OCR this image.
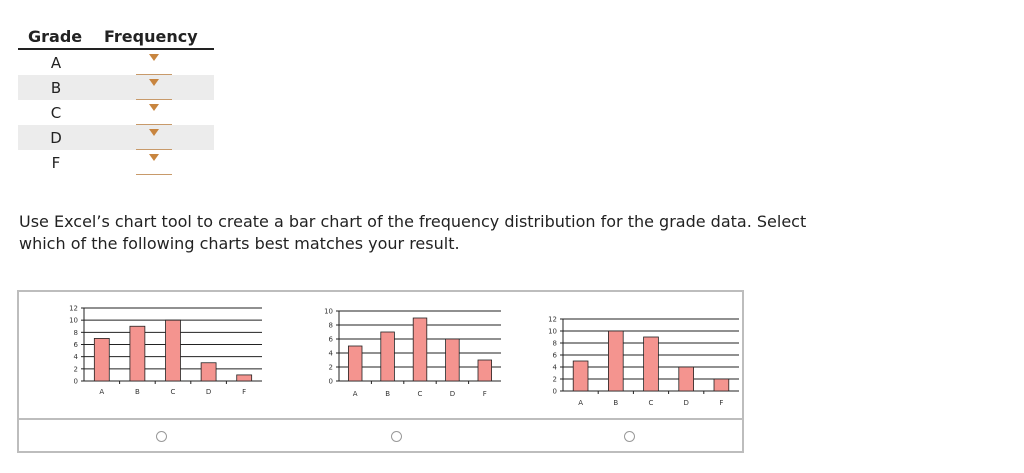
Grade Frequency
A
B
C
D
F
Use Excel’s chart tool to create a bar chart of the frequency distribution for the grade data. Select
which of the following charts best matches your result.
0
2
4
6
8
10
12
A	B	C	D	F
0
2
4
6
8
10
A	B	C	D	F	0
2
4
6
8
10
12
A	B	C	D	F
